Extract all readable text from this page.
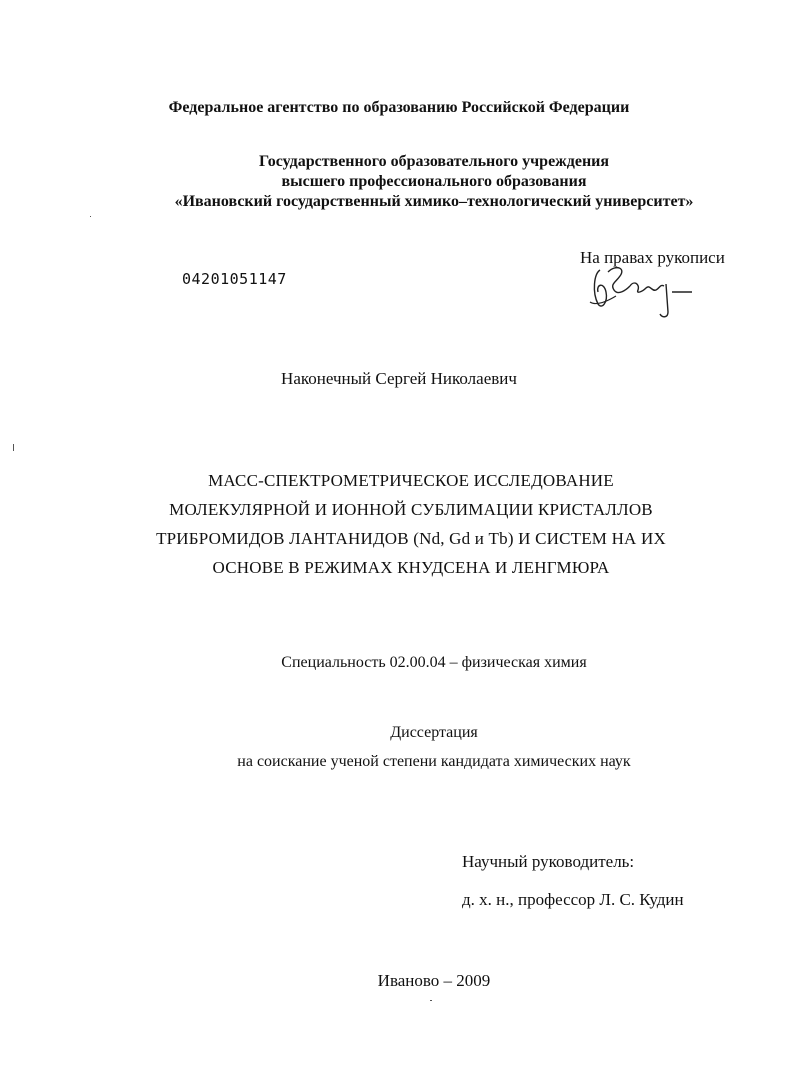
Федеральное агентство по образованию Российской Федерации
Государственного образовательного учреждения
высшего профессионального образования
«Ивановский государственный химико–технологический университет»
04201051147
На правах рукописи
Наконечный Сергей Николаевич
МАСС-СПЕКТРОМЕТРИЧЕСКОЕ ИССЛЕДОВАНИЕ
МОЛЕКУЛЯРНОЙ И ИОННОЙ СУБЛИМАЦИИ КРИСТАЛЛОВ
ТРИБРОМИДОВ ЛАНТАНИДОВ (Nd, Gd и Tb) И СИСТЕМ НА ИХ
ОСНОВЕ В РЕЖИМАХ КНУДСЕНА И ЛЕНГМЮРА
Специальность 02.00.04 – физическая химия
Диссертация
на соискание ученой степени кандидата химических наук
Научный руководитель:
д. х. н., профессор Л. С. Кудин
Иваново – 2009
